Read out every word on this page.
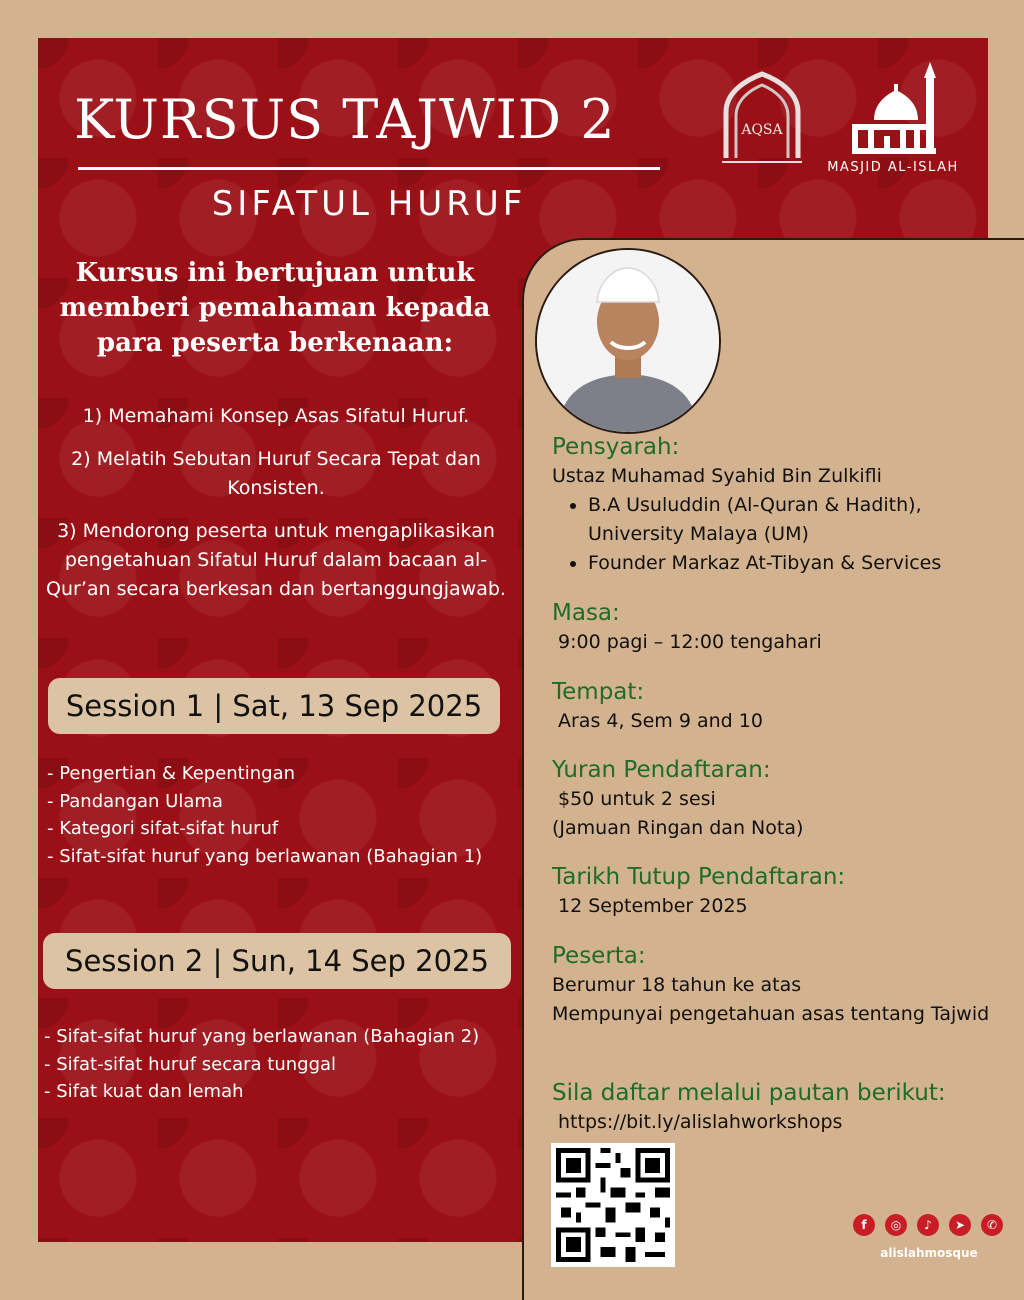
KURSUS TAJWID 2
SIFATUL HURUF
AQSA
MASJID AL-ISLAH

Kursus ini bertujuan untuk memberi pemahaman kepada para peserta berkenaan:

1) Memahami Konsep Asas Sifatul Huruf.
2) Melatih Sebutan Huruf Secara Tepat dan Konsisten.
3) Mendorong peserta untuk mengaplikasikan pengetahuan Sifatul Huruf dalam bacaan al-Qur’an secara berkesan dan bertanggungjawab.
Session 1 | Sat, 13 Sep 2025
- Pengertian & Kepentingan
- Pandangan Ulama
- Kategori sifat-sifat huruf
- Sifat-sifat huruf yang berlawanan (Bahagian 1)
Session 2 | Sun, 14 Sep 2025
- Sifat-sifat huruf yang berlawanan (Bahagian 2)
- Sifat-sifat huruf secara tunggal
- Sifat kuat dan lemah

Pensyarah:

Ustaz Muhamad Syahid Bin Zulkifli

• B.A Usuluddin (Al-Quran & Hadith), University Malaya (UM)
• Founder Markaz At-Tibyan & Services

Masa:

9:00 pagi – 12:00 tengahari

Tempat:

Aras 4, Sem 9 and 10

Yuran Pendaftaran:

$50 untuk 2 sesi

(Jamuan Ringan dan Nota)

Tarikh Tutup Pendaftaran:

12 September 2025

Peserta:

Berumur 18 tahun ke atas

Mempunyai pengetahuan asas tentang Tajwid

Sila daftar melalui pautan berikut:

https://bit.ly/alislahworkshops

f	◎	♪	➤	✆
alislahmosque
